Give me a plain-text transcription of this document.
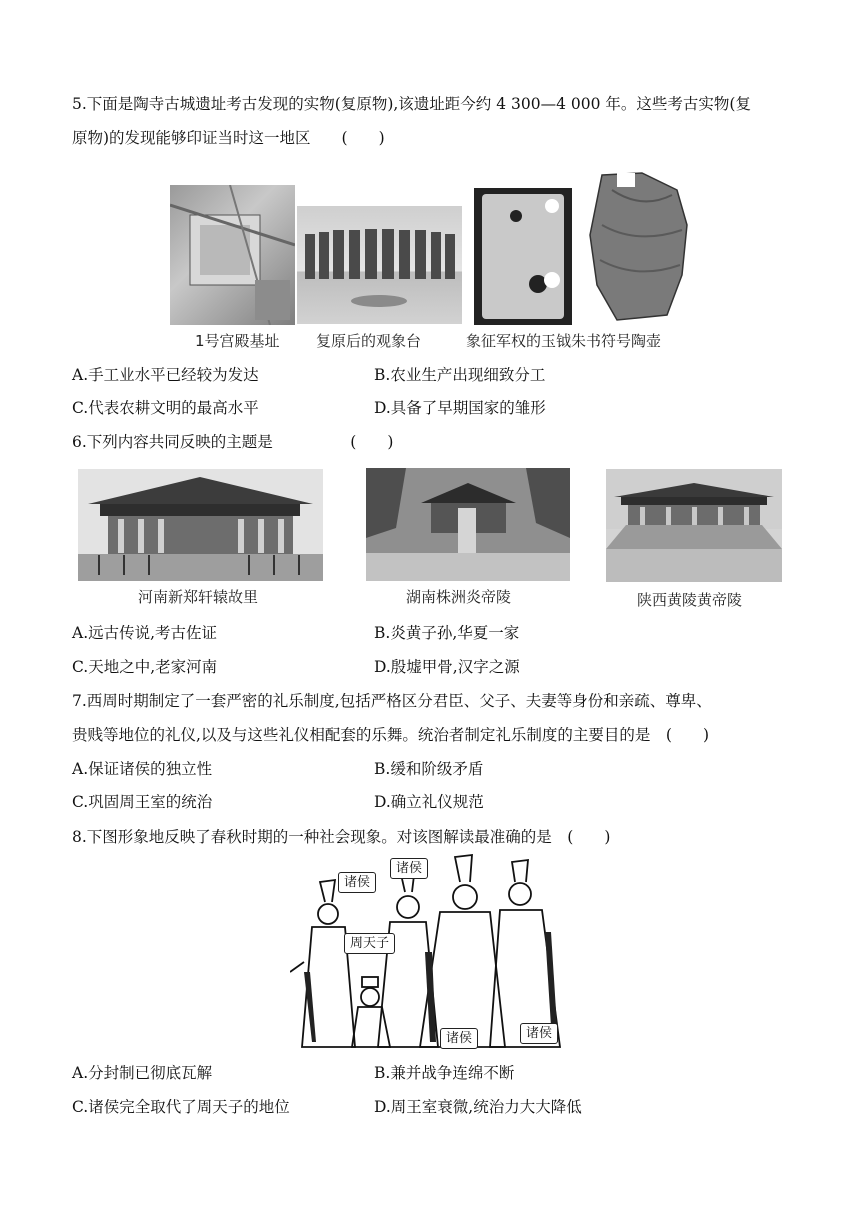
5.下面是陶寺古城遗址考古发现的实物(复原物),该遗址距今约 4 300—4 000 年。这些考古实物(复
原物)的发现能够印证当时这一地区　　(　　)
1号宫殿基址 复原后的观象台	象征军权的玉钺朱书符号陶壶
A.手工业水平已经较为发达	B.农业生产出现细致分工
C.代表农耕文明的最高水平	D.具备了早期国家的雏形
6.下列内容共同反映的主题是　　　　　(　　)
河南新郑轩辕故里	湖南株洲炎帝陵	陕西黄陵黄帝陵
A.远古传说,考古佐证	B.炎黄子孙,华夏一家
C.天地之中,老家河南	D.殷墟甲骨,汉字之源
7.西周时期制定了一套严密的礼乐制度,包括严格区分君臣、父子、夫妻等身份和亲疏、尊卑、
贵贱等地位的礼仪,以及与这些礼仪相配套的乐舞。统治者制定礼乐制度的主要目的是　(　　)
A.保证诸侯的独立性	B.缓和阶级矛盾
C.巩固周王室的统治	D.确立礼仪规范
8.下图形象地反映了春秋时期的一种社会现象。对该图解读最准确的是　(　　)
诸侯
诸侯
周天子
诸侯	诸侯
A.分封制已彻底瓦解	B.兼并战争连绵不断
C.诸侯完全取代了周天子的地位	D.周王室衰微,统治力大大降低
